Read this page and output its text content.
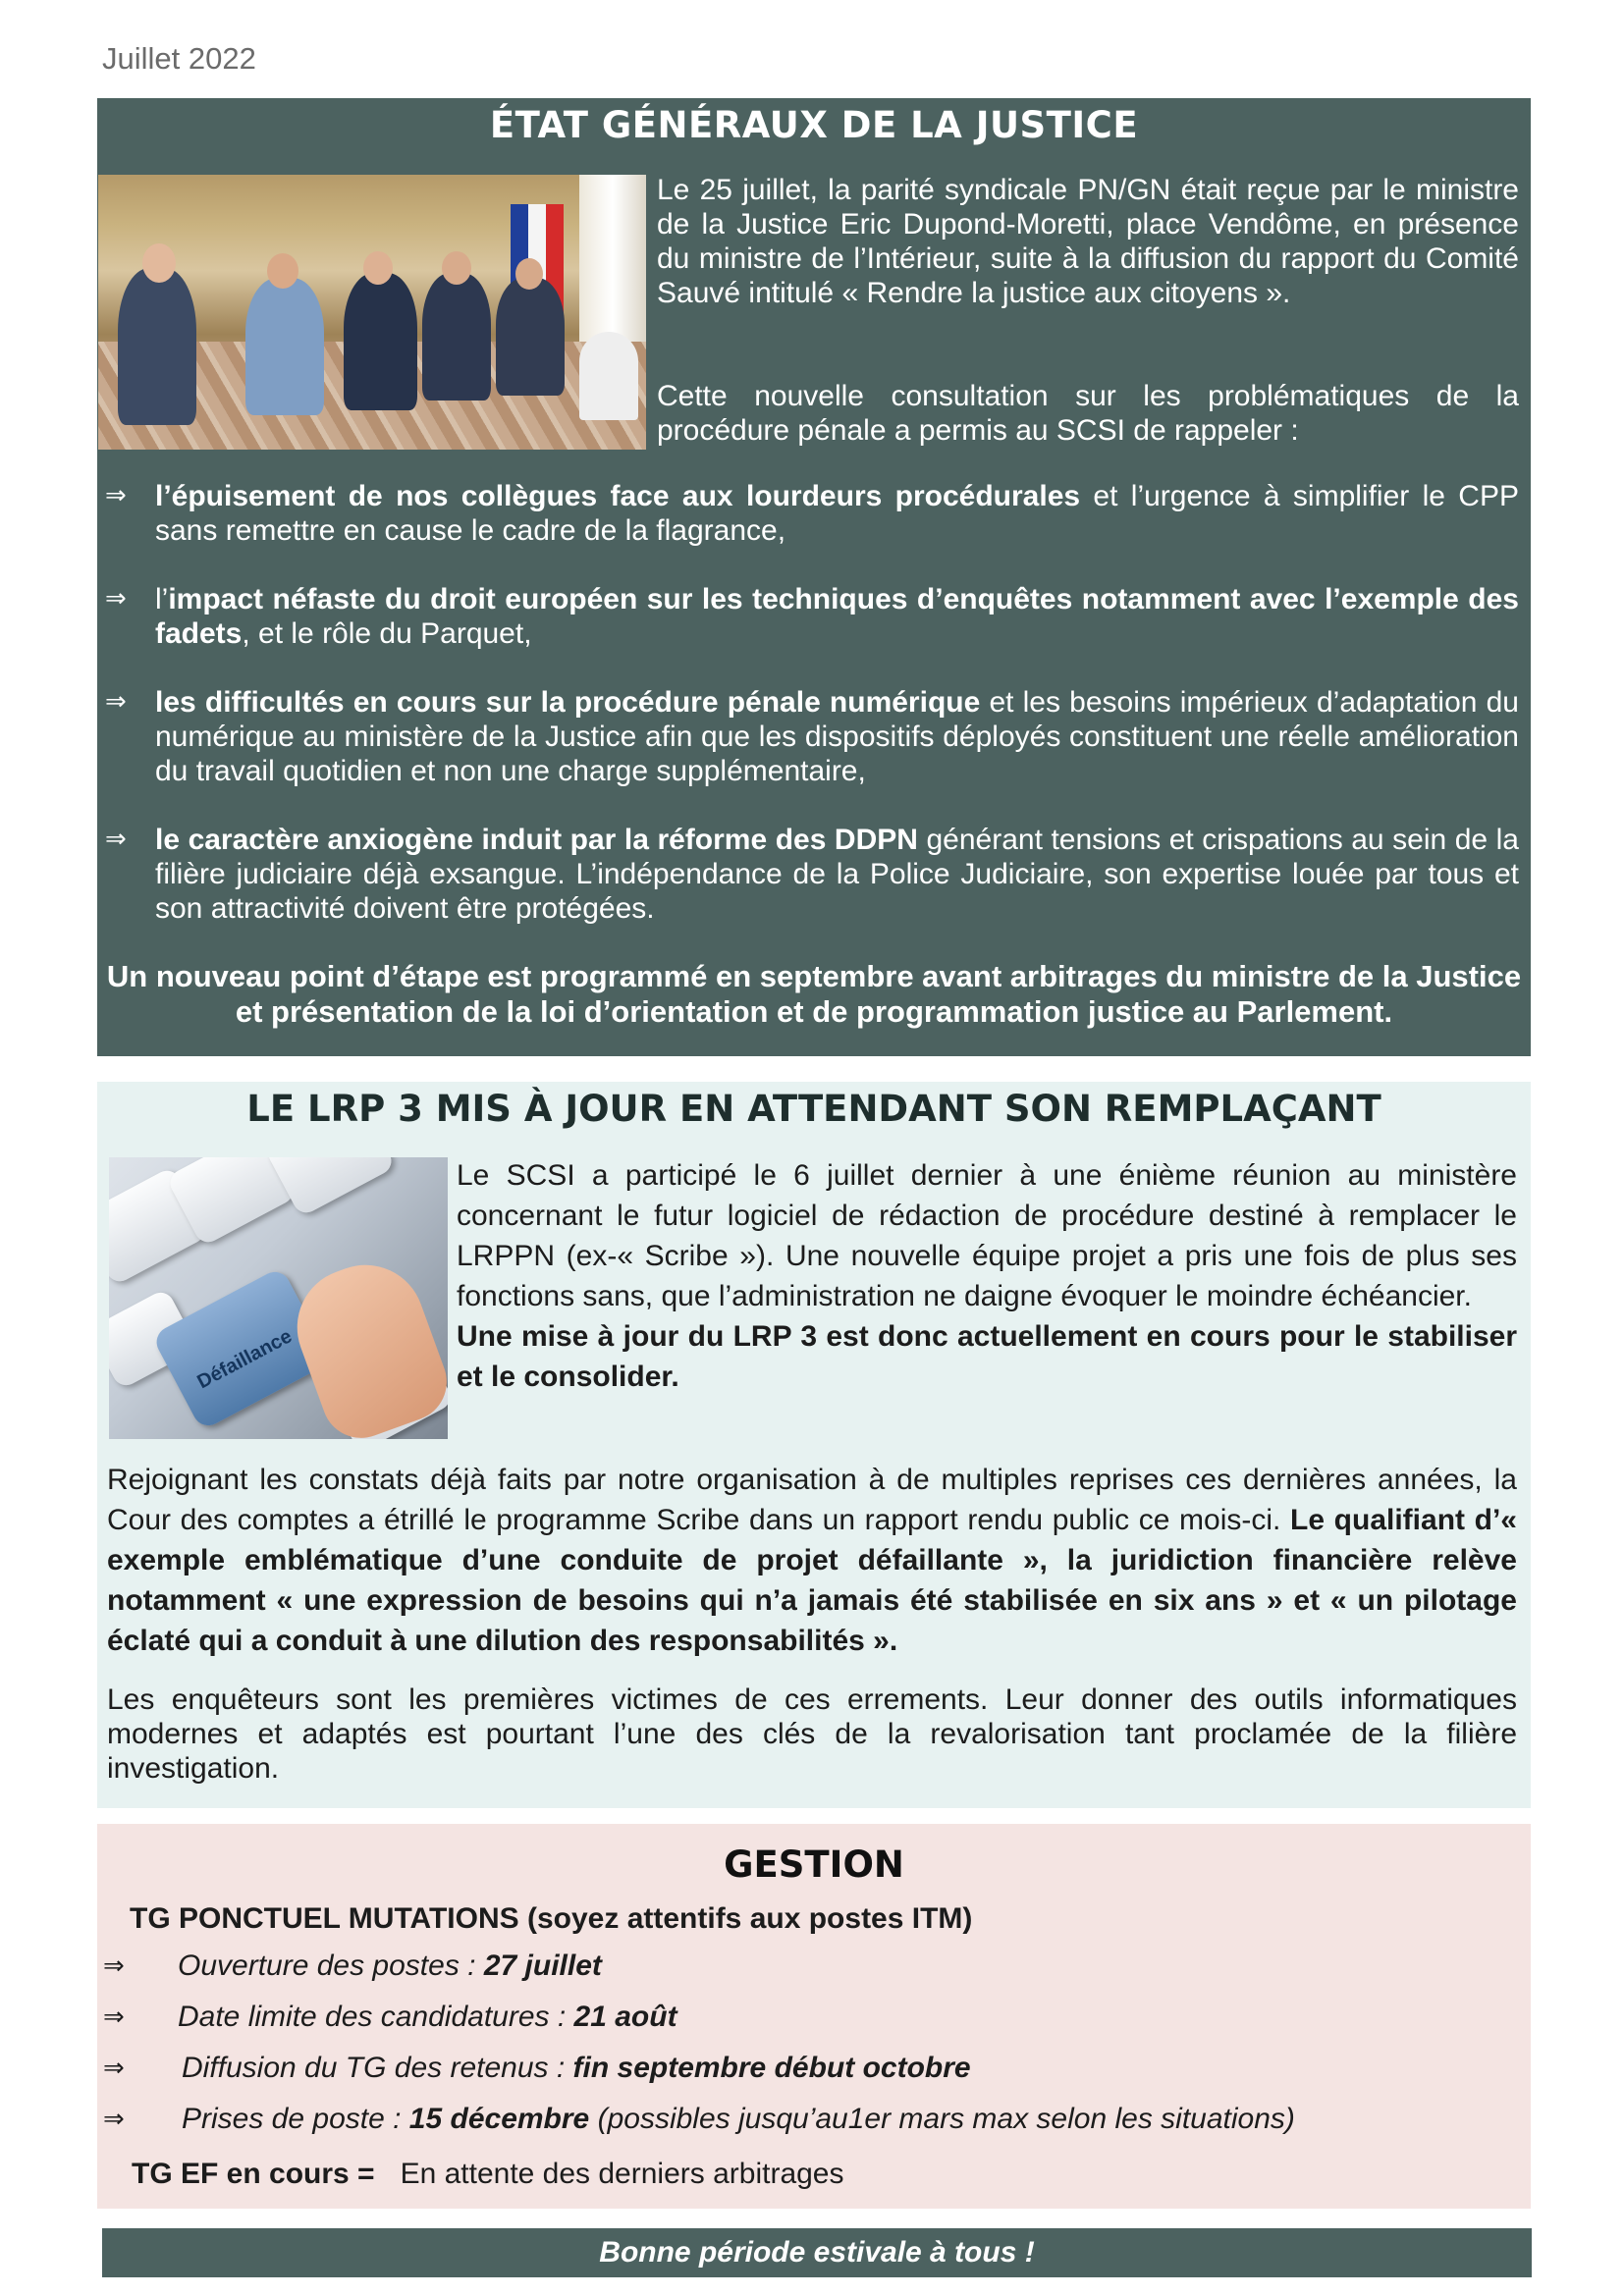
Juillet 2022
ÉTAT GÉNÉRAUX DE LA JUSTICE

Le 25 juillet, la parité syndicale PN/GN était reçue par le ministre de la Justice Eric Dupond-Moretti, place Vendôme, en présence du ministre de l’Intérieur, suite à la diffusion du rapport du Comité Sauvé intitulé « Rendre la justice aux citoyens ».

Cette nouvelle consultation sur les problématiques de la procédure pénale a permis au SCSI de rappeler :

⇒ l’épuisement de nos collègues face aux lourdeurs procédurales et l’urgence à simplifier le CPP sans remettre en cause le cadre de la flagrance,
⇒ l’impact néfaste du droit européen sur les techniques d’enquêtes notamment avec l’exemple des fadets, et le rôle du Parquet,
⇒ les difficultés en cours sur la procédure pénale numérique et les besoins impérieux d’adaptation du numérique au ministère de la Justice afin que les dispositifs déployés constituent une réelle amélioration du travail quotidien et non une charge supplémentaire,
⇒ le caractère anxiogène induit par la réforme des DDPN générant tensions et crispations au sein de la filière judiciaire déjà exsangue. L’indépendance de la Police Judiciaire, son expertise louée par tous et son attractivité doivent être protégées.

Un nouveau point d’étape est programmé en septembre avant arbitrages du ministre de la Justice et présentation de la loi d’orientation et de programmation justice au Parlement.

LE LRP 3 MIS À JOUR EN ATTENDANT SON REMPLAÇANT
Défaillance

Le SCSI a participé le 6 juillet dernier à une énième réunion au ministère concernant le futur logiciel de rédaction de procédure destiné à remplacer le LRPPN (ex-« Scribe »). Une nouvelle équipe projet a pris une fois de plus ses fonctions sans, que l’administration ne daigne évoquer le moindre échéancier.
Une mise à jour du LRP 3 est donc actuellement en cours pour le stabiliser et le consolider.

Rejoignant les constats déjà faits par notre organisation à de multiples reprises ces dernières années, la Cour des comptes a étrillé le programme Scribe dans un rapport rendu public ce mois-ci. Le qualifiant d’« exemple emblématique d’une conduite de projet défaillante », la juridiction financière relève notamment « une expression de besoins qui n’a jamais été stabilisée en six ans » et « un pilotage éclaté qui a conduit à une dilution des responsabilités ».

Les enquêteurs sont les premières victimes de ces errements. Leur donner des outils informatiques modernes et adaptés est pourtant l’une des clés de la revalorisation tant proclamée de la filière investigation.

GESTION
TG PONCTUEL MUTATIONS (soyez attentifs aux postes ITM)
⇒ Ouverture des postes : 27 juillet
⇒ Date limite des candidatures : 21 août
⇒ Diffusion du TG des retenus : fin septembre début octobre
⇒ Prises de poste : 15 décembre (possibles jusqu’au1er mars max selon les situations)
TG EF en cours = En attente des derniers arbitrages
Bonne période estivale à tous !
